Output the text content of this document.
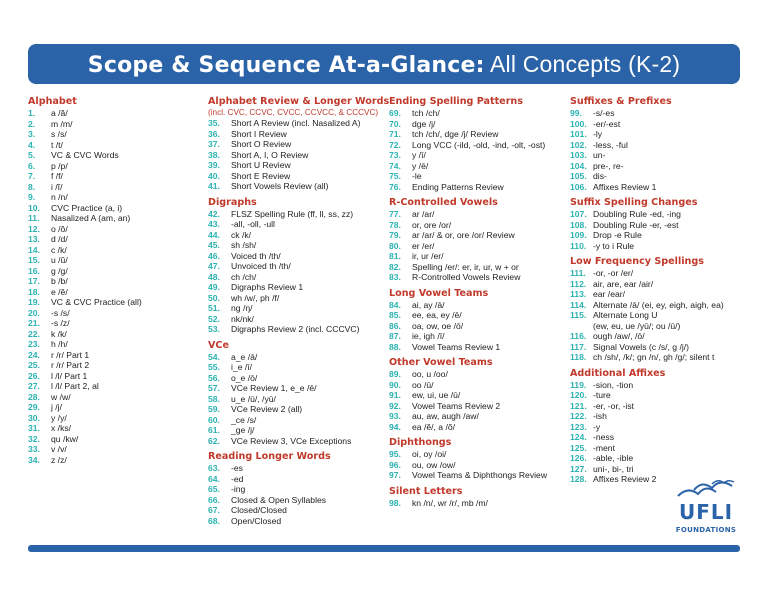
Scope & Sequence At-a-Glance: All Concepts (K-2)
Alphabet
1.	a /ă/
2.	m /m/
3.	s /s/
4.	t /t/
5.	VC & CVC Words
6.	p /p/
7.	f /f/
8.	i /ĭ/
9.	n /n/
10.	CVC Practice (a, i)
11.	Nasalized A (am, an)
12.	o /ŏ/
13.	d /d/
14.	c /k/
15.	u /ŭ/
16.	g /g/
17.	b /b/
18.	e /ĕ/
19.	VC & CVC Practice (all)
20.	-s /s/
21.	-s /z/
22.	k /k/
23.	h /h/
24.	r /r/ Part 1
25.	r /r/ Part 2
26.	l /l/ Part 1
27.	l /l/ Part 2, al
28.	w /w/
29.	j /j/
30.	y /y/
31.	x /ks/
32.	qu /kw/
33.	v /v/
34.	z /z/
Alphabet Review & Longer Words
(incl. CVC, CCVC, CVCC, CCVCC, & CCCVC)
35.	Short A Review (incl. Nasalized A)
36.	Short I Review
37.	Short O Review
38.	Short A, I, O Review
39.	Short U Review
40.	Short E Review
41.	Short Vowels Review (all)
Digraphs
42.	FLSZ Spelling Rule (ff, ll, ss, zz)
43.	-all, -oll, -ull
44.	ck /k/
45.	sh /sh/
46.	Voiced th /th/
47.	Unvoiced th /th/
48.	ch /ch/
49.	Digraphs Review 1
50.	wh /w/, ph /f/
51.	ng /ŋ/
52.	nk/nk/
53.	Digraphs Review 2 (incl. CCCVC)
VCe
54.	a_e /ā/
55.	i_e /ī/
56.	o_e /ō/
57.	VCe Review 1, e_e /ē/
58.	u_e /ū/, /yū/
59.	VCe Review 2 (all)
60.	_ce /s/
61.	_ge /j/
62.	VCe Review 3, VCe Exceptions
Reading Longer Words
63.	-es
64.	-ed
65.	-ing
66.	Closed & Open Syllables
67.	Closed/Closed
68.	Open/Closed
Ending Spelling Patterns
69.	tch /ch/
70.	dge /j/
71.	tch /ch/, dge /j/ Review
72.	Long VCC (-ild, -old, -ind, -olt, -ost)
73.	y /ī/
74.	y /ē/
75.	-le
76.	Ending Patterns Review
R-Controlled Vowels
77.	ar /ar/
78.	or, ore /or/
79.	ar /ar/ & or, ore /or/ Review
80.	er /er/
81.	ir, ur /er/
82.	Spelling /er/: er, ir, ur, w + or
83.	R-Controlled Vowels Review
Long Vowel Teams
84.	ai, ay /ā/
85.	ee, ea, ey /ē/
86.	oa, ow, oe /ō/
87.	ie, igh /ī/
88.	Vowel Teams Review 1
Other Vowel Teams
89.	oo, u /oo/
90.	oo /ū/
91.	ew, ui, ue /ū/
92.	Vowel Teams Review 2
93.	au, aw, augh /aw/
94.	ea /ĕ/, a /ŏ/
Diphthongs
95.	oi, oy /oi/
96.	ou, ow /ow/
97.	Vowel Teams & Diphthongs Review
Silent Letters
98.	kn /n/, wr /r/, mb /m/
Suffixes & Prefixes
99.	-s/-es
100. -er/-est
101. -ly
102. -less, -ful
103. un-
104. pre-, re-
105. dis-
106. Affixes Review 1
Suffix Spelling Changes
107. Doubling Rule -ed, -ing
108. Doubling Rule -er, -est
109. Drop -e Rule
110. -y to i Rule
Low Frequency Spellings
111. -or, -or /er/
112. air, are, ear /air/
113. ear /ear/
114. Alternate /ā/ (ei, ey, eigh, aigh, ea)
115. Alternate Long U
(ew, eu, ue /yū/; ou /ū/)
116. ough /aw/, /ō/
117. Signal Vowels (c /s/, g /j/)
118. ch /sh/, /k/; gn /n/, gh /g/; silent t
Additional Affixes
119. -sion, -tion
120. -ture
121. -er, -or, -ist
122. -ish
123. -y
124. -ness
125. -ment
126. -able, -ible
127. uni-, bi-, tri
128. Affixes Review 2
UFLI
FOUNDATIONS
